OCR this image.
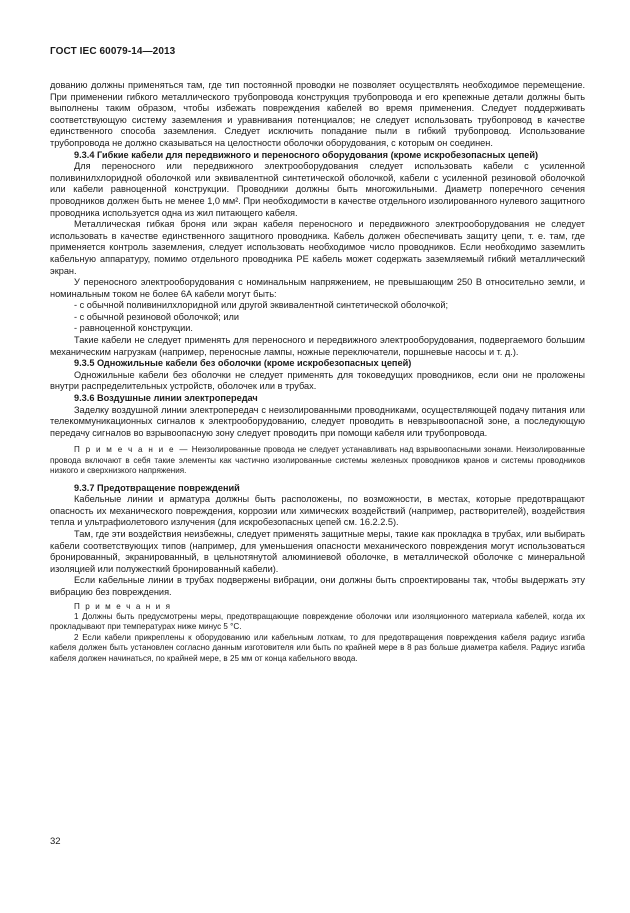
ГОСТ IEC 60079-14—2013

дованию должны применяться там, где тип постоянной проводки не позволяет осуществлять необходимое перемещение. При применении гибкого металлического трубопровода конструкция трубопровода и его крепежные детали должны быть выполнены таким образом, чтобы избежать повреждения кабелей во время применения. Следует поддерживать соответствующую систему заземления и уравнивания потенциалов; не следует использовать трубопровод в качестве единственного способа заземления. Следует исключить попадание пыли в гибкий трубопровод. Использование трубопровода не должно сказываться на целостности оболочки оборудования, с которым он соединен.

9.3.4 Гибкие кабели для передвижного и переносного оборудования (кроме искробезопасных цепей)

Для переносного или передвижного электрооборудования следует использовать кабели с усиленной поливинилхлоридной оболочкой или эквивалентной синтетической оболочкой, кабели с усиленной резиновой оболочкой или кабели равноценной конструкции. Проводники должны быть многожильными. Диаметр поперечного сечения проводников должен быть не менее 1,0 мм². При необходимости в качестве отдельного изолированного нулевого защитного проводника используется одна из жил питающего кабеля.

Металлическая гибкая броня или экран кабеля переносного и передвижного электрооборудования не следует использовать в качестве единственного защитного проводника. Кабель должен обеспечивать защиту цепи, т. е. там, где применяется контроль заземления, следует использовать необходимое число проводников. Если необходимо заземлить кабельную аппаратуру, помимо отдельного проводника PE кабель может содержать заземляемый гибкий металлический экран.

У переносного электрооборудования с номинальным напряжением, не превышающим 250 В относительно земли, и номинальным током не более 6А кабели могут быть:

- с обычной поливинилхлоридной или другой эквивалентной синтетической оболочкой;

- с обычной резиновой оболочкой; или

- равноценной конструкции.

Такие кабели не следует применять для переносного и передвижного электрооборудования, подвергаемого большим механическим нагрузкам (например, переносные лампы, ножные переключатели, поршневые насосы и т. д.).

9.3.5 Одножильные кабели без оболочки (кроме искробезопасных цепей)

Одножильные кабели без оболочки не следует применять для токоведущих проводников, если они не проложены внутри распределительных устройств, оболочек или в трубах.

9.3.6 Воздушные линии электропередач

Заделку воздушной линии электропередач с неизолированными проводниками, осуществляющей подачу питания или телекоммуникационных сигналов к электрооборудованию, следует проводить в невзрывоопасной зоне, а последующую передачу сигналов во взрывоопасную зону следует проводить при помощи кабеля или трубопровода.

П р и м е ч а н и е — Неизолированные провода не следует устанавливать над взрывоопасными зонами. Неизолированные провода включают в себя такие элементы как частично изолированные системы железных проводников кранов и системы проводников низкого и сверхнизкого напряжения.

9.3.7 Предотвращение повреждений

Кабельные линии и арматура должны быть расположены, по возможности, в местах, которые предотвращают опасность их механического повреждения, коррозии или химических воздействий (например, растворителей), воздействия тепла и ультрафиолетового излучения (для искробезопасных цепей см. 16.2.2.5).

Там, где эти воздействия неизбежны, следует применять защитные меры, такие как прокладка в трубах, или выбирать кабели соответствующих типов (например, для уменьшения опасности механического повреждения могут использоваться бронированный, экранированный, в цельнотянутой алюминиевой оболочке, в металлической оболочке с минеральной изоляцией или полужесткий бронированный кабели).

Если кабельные линии в трубах подвержены вибрации, они должны быть спроектированы так, чтобы выдержать эту вибрацию без повреждения.

П р и м е ч а н и я

1 Должны быть предусмотрены меры, предотвращающие повреждение оболочки или изоляционного материала кабелей, когда их прокладывают при температурах ниже минус 5 °С.

2 Если кабели прикреплены к оборудованию или кабельным лоткам, то для предотвращения повреждения кабеля радиус изгиба кабеля должен быть установлен согласно данным изготовителя или быть по крайней мере в 8 раз больше диаметра кабеля. Радиус изгиба кабеля должен начинаться, по крайней мере, в 25 мм от конца кабельного ввода.

32
